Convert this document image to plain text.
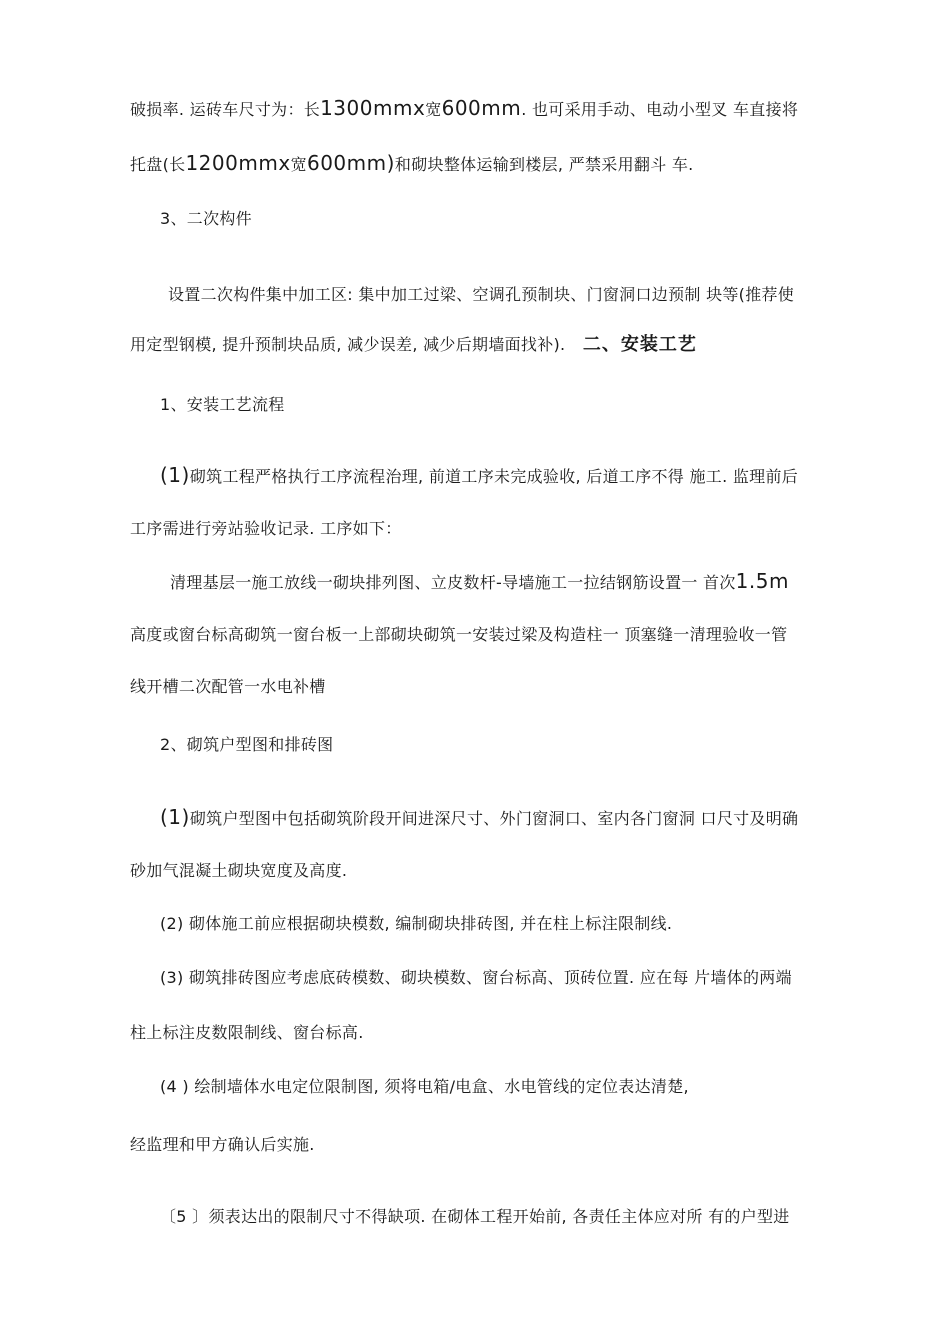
破损率. 运砖车尺寸为：长1300mmx宽600mm. 也可采用手动、电动小型叉 车直接将
托盘(长1200mmx宽600mm)和砌块整体运输到楼层, 严禁采用翻斗 车.
3、二次构件
设置二次构件集中加工区: 集中加工过梁、空调孔预制块、门窗洞口边预制 块等(推荐使
用定型钢模, 提升预制块品质, 减少误差, 减少后期墙面找补). 二、安装工艺
1、安装工艺流程
(1)砌筑工程严格执行工序流程治理, 前道工序未完成验收, 后道工序不得 施工. 监理前后
工序需进行旁站验收记录. 工序如下：
清理基层一施工放线一砌块排列图、立皮数杆-导墙施工一拉结钢筋设置一 首次1.5m
高度或窗台标高砌筑一窗台板一上部砌块砌筑一安装过梁及构造柱一 顶塞缝一清理验收一管
线开槽二次配管一水电补槽
2、砌筑户型图和排砖图
(1)砌筑户型图中包括砌筑阶段开间进深尺寸、外门窗洞口、室内各门窗洞 口尺寸及明确
砂加气混凝土砌块宽度及高度.
(2) 砌体施工前应根据砌块模数, 编制砌块排砖图, 并在柱上标注限制线.
(3) 砌筑排砖图应考虑底砖模数、砌块模数、窗台标高、顶砖位置. 应在每 片墙体的两端
柱上标注皮数限制线、窗台标高.
(4 ) 绘制墙体水电定位限制图, 须将电箱/电盒、水电管线的定位表达清楚,
经监理和甲方确认后实施.
〔5 〕须表达出的限制尺寸不得缺项. 在砌体工程开始前, 各责任主体应对所 有的户型进
